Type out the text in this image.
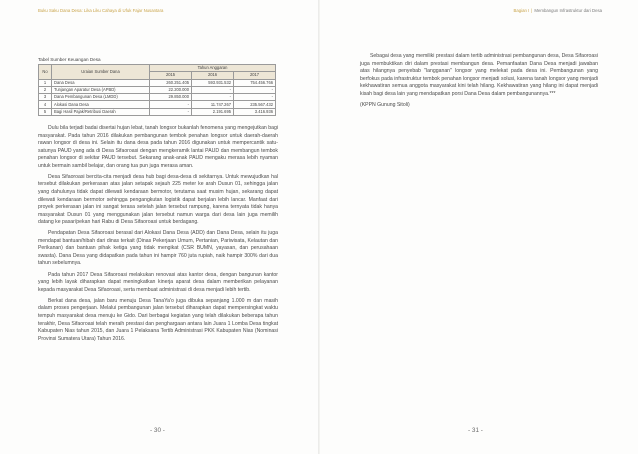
Buku Saku Dana Desa: Lika Liku Cahaya di Ufuk Fajar Nusantara
Tabel Sumber Keuangan Desa
No	Uraian Sumber Dana	Tahun Anggaran		
		2015	2016	2017
1	Dana Desa	260.251.405	593.931.532	754.456.766
2	Tunjangan Aparatur Desa (APBD)	22.200.000	-	-
3	Dana Pembangunan Desa (LMDD)	29.850.000	-	-
4	Alokasi Dana Desa	-	11.747.267	235.567.432
5	Bagi Hasil Pajak/Retribusi Daerah	-	2.191.695	3.416.936

Dulu bila terjadi badai disertai hujan lebat, tanah longsor bukanlah fenomena yang mengejutkan bagi masyarakat. Pada tahun 2016 dilakukan pembangunan tembok penahan longsor untuk daerah-daerah rawan longsor di desa ini. Selain itu dana desa pada tahun 2016 digunakan untuk mempercantik satu-satunya PAUD yang ada di Desa Sifaoroasi dengan mengkeramik lantai PAUD dan membangun tembok penahan longsor di sekitar PAUD tersebut. Sekarang anak-anak PAUD mengaku merasa lebih nyaman untuk bermain sambil belajar, dan orang tua pun juga merasa aman.

Desa Sifaoroasi bercita-cita menjadi desa hub bagi desa-desa di sekitarnya. Untuk mewujudkan hal tersebut dilakukan perkerasan atas jalan setapak sejauh 225 meter ke arah Dusun 01, sehingga jalan yang dahulunya tidak dapat dilewati kendaraan bermotor, terutama saat musim hujan, sekarang dapat dilewati kendaraan bermotor sehingga pengangkutan logistik dapat berjalan lebih lancar. Manfaat dari proyek perkerasan jalan ini sangat terasa setelah jalan tersebut rampung, karena ternyata tidak hanya masyarakat Dusun 01 yang menggunakan jalan tersebut namun warga dari desa lain juga memilih datang ke pasar/pekan hari Rabu di Desa Sifaoroasi untuk berdagang.

Pendapatan Desa Sifaoroasi berasal dari Alokasi Dana Desa (ADD) dan Dana Desa, selain itu juga mendapat bantuan/hibah dari dinas terkait (Dinas Pekerjaan Umum, Pertanian, Pariwisata, Kelautan dan Perikanan) dan bantuan pihak ketiga yang tidak mengikat (CSR BUMN, yayasan, dan perusahaan swasta). Dana Desa yang didapatkan pada tahun ini hampir 760 juta rupiah, naik hampir 300% dari dua tahun sebelumnya.

Pada tahun 2017 Desa Sifaoroasi melakukan renovasi atas kantor desa, dengan bangunan kantor yang lebih layak diharapkan dapat meningkatkan kinerja aparat desa dalam memberikan pelayanan kepada masyarakat Desa Sifaoroasi, serta membuat administrasi di desa menjadi lebih tertib.

Berkat dana desa, jalan baru menuju Desa TanaYa'o juga dibuka sepanjang 1.000 m dan masih dalam proses pengerjaan. Melalui pembangunan jalan tersebut diharapkan dapat mempersingkat waktu tempuh masyarakat desa menuju ke Gido. Dari berbagai kegiatan yang telah dilakukan beberapa tahun terakhir, Desa Sifaoroasi telah meraih prestasi dan penghargaan antara lain Juara 1 Lomba Desa tingkat Kabupaten Nias tahun 2015, dan Juara 1 Pelaksana Tertib Administrasi PKK Kabupaten Nias (Nominasi Provinsi Sumatera Utara) Tahun 2016.

- 30 -
Bagian I | Membangun Infrastruktur dari Desa

Sebagai desa yang memiliki prestasi dalam tertib administrasi pembangunan desa, Desa Sifaoroasi juga membuktikan diri dalam prestasi membangun desa. Pemanfaatan Dana Desa menjadi jawaban atas hilangnya penyebab "langganan" longsor yang melekat pada desa ini. Pembangunan yang berfokus pada infrastruktur tembok penahan longsor menjadi solusi, karena tanah longsor yang menjadi kekhawatiran semua anggota masyarakat kini telah hilang. Kekhawatiran yang hilang ini dapat menjadi kisah bagi desa lain yang mendapatkan porsi Dana Desa dalam pembangunannya.***

(KPPN Gunung Sitoli)

- 31 -
